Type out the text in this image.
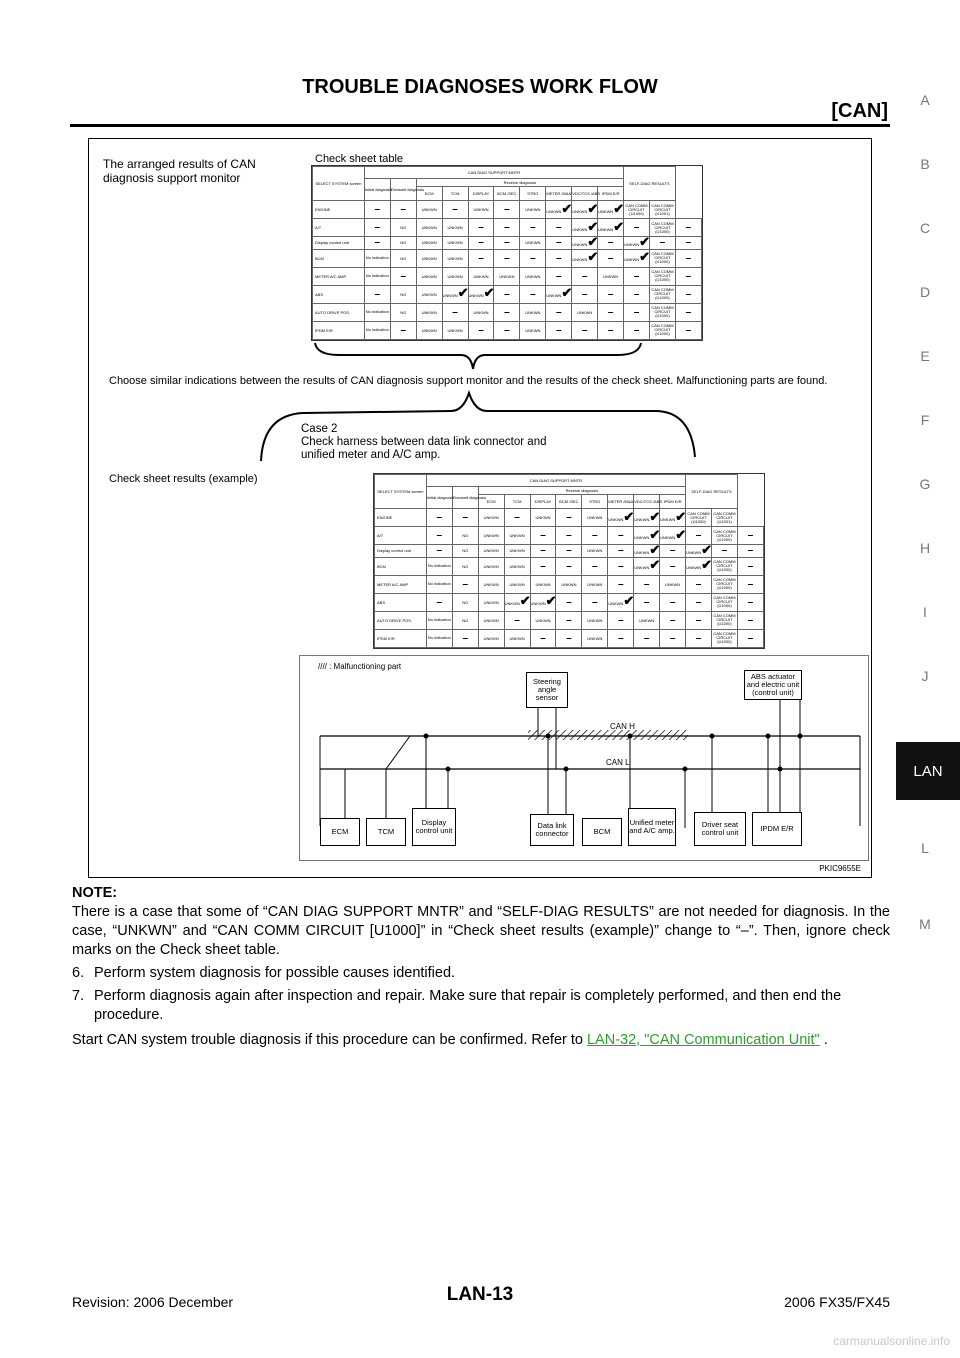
TROUBLE DIAGNOSES WORK FLOW
[CAN]	A
B
C
D
E
F
G
H
I
J
LAN
L
M
The arranged results of CAN diagnosis support monitor
Check sheet table
SELECT SYSTEM screen	CAN DIAG SUPPORT MNTR										SELF-DIAG RESULTS		
	Initial diagnosis	Transmit diagnosis	Receive diagnosis										
			ECM	TCM	DISPLAY	BCM /SEC	STRG	METER /M&A	VDC/TCS /ABS	IPDM E/R			
ENGINE	–	–	UNKWN	–	UNKWN	–	UNKWN	UNKWN✔	UNKWN✔	UNKWN✔	CAN COMM CIRCUIT (U1000)	CAN COMM CIRCUIT (U1001)	
A/T	–	NG	UNKWN	UNKWN	–	–	–	–	UNKWN✔	UNKWN✔	–	CAN COMM CIRCUIT (U1000)	–
Display control unit	–	NG	UNKWN	UNKWN	–	–	UNKWN	–	UNKWN✔	–	UNKWN✔	–	–
BCM	No indication	NG	UNKWN	UNKWN	–	–	–	–	UNKWN✔	–	UNKWN✔	CAN COMM CIRCUIT (U1000)	–
METER A/C AMP	No indication	–	UNKWN	UNKWN	UNKWN	UNKWN	UNKWN	–	–	UNKWN	–	CAN COMM CIRCUIT (U1000)	–
ABS	–	NG	UNKWN	UNKWN✔	UNKWN✔	–	–	UNKWN✔	–	–	–	CAN COMM CIRCUIT (U1000)	–
AUTO DRIVE POS.	No indication	NG	UNKWN	–	UNKWN	–	UNKWN	–	UNKWN	–	–	CAN COMM CIRCUIT (U1000)	–
IPDM E/R	No indication	–	UNKWN	UNKWN	–	–	UNKWN	–	–	–	–	CAN COMM CIRCUIT (U1000)	–
Choose similar indications between the results of CAN diagnosis support monitor and the results of the check sheet. Malfunctioning parts are found.
Case 2
Check harness between data link connector and unified meter and A/C amp.
Check sheet results (example)
SELECT SYSTEM screen	CAN DIAG SUPPORT MNTR										SELF-DIAG RESULTS		
	Initial diagnosis	Transmit diagnosis	Receive diagnosis										
			ECM	TCM	DISPLAY	BCM /SEC	STRG	METER /M&A	VDC/TCS /ABS	IPDM E/R			
ENGINE	–	–	UNKWN	–	UNKWN	–	UNKWN	UNKWN✔	UNKWN✔	UNKWN✔	CAN COMM CIRCUIT (U1000)	CAN COMM CIRCUIT (U1001)	
A/T	–	NG	UNKWN	UNKWN	–	–	–	–	UNKWN✔	UNKWN✔	–	CAN COMM CIRCUIT (U1000)	–
Display control unit	–	NG	UNKWN	UNKWN	–	–	UNKWN	–	UNKWN✔	–	UNKWN✔	–	–
BCM	No indication	NG	UNKWN	UNKWN	–	–	–	–	UNKWN✔	–	UNKWN✔	CAN COMM CIRCUIT (U1000)	–
METER A/C AMP	No indication	–	UNKWN	UNKWN	UNKWN	UNKWN	UNKWN	–	–	UNKWN	–	CAN COMM CIRCUIT (U1000)	–
ABS	–	NG	UNKWN	UNKWN✔	UNKWN✔	–	–	UNKWN✔	–	–	–	CAN COMM CIRCUIT (U1000)	–
AUTO DRIVE POS.	No indication	NG	UNKWN	–	UNKWN	–	UNKWN	–	UNKWN	–	–	CAN COMM CIRCUIT (U1000)	–
IPDM E/R	No indication	–	UNKWN	UNKWN	–	–	UNKWN	–	–	–	–	CAN COMM CIRCUIT (U1000)	–
//// : Malfunctioning part
CAN H
CAN L
ECM	TCM
Display control unit
Data link connector	BCM
Unified meter and A/C amp.
Driver seat control unit	IPDM E/R
Steering angle sensor
ABS actuator and electric unit (control unit)
PKIC9655E
NOTE:
There is a case that some of “CAN DIAG SUPPORT MNTR” and “SELF-DIAG RESULTS” are not needed for diagnosis. In the case, “UNKWN” and “CAN COMM CIRCUIT [U1000]” in “Check sheet results (example)” change to “–”. Then, ignore check marks on the Check sheet table.
6. Perform system diagnosis for possible causes identified.
7. Perform diagnosis again after inspection and repair. Make sure that repair is completely performed, and then end the procedure.
Start CAN system trouble diagnosis if this procedure can be confirmed. Refer to LAN-32, "CAN Communication Unit" .
Revision: 2006 December	LAN-13	2006 FX35/FX45
carmanualsonline.info
